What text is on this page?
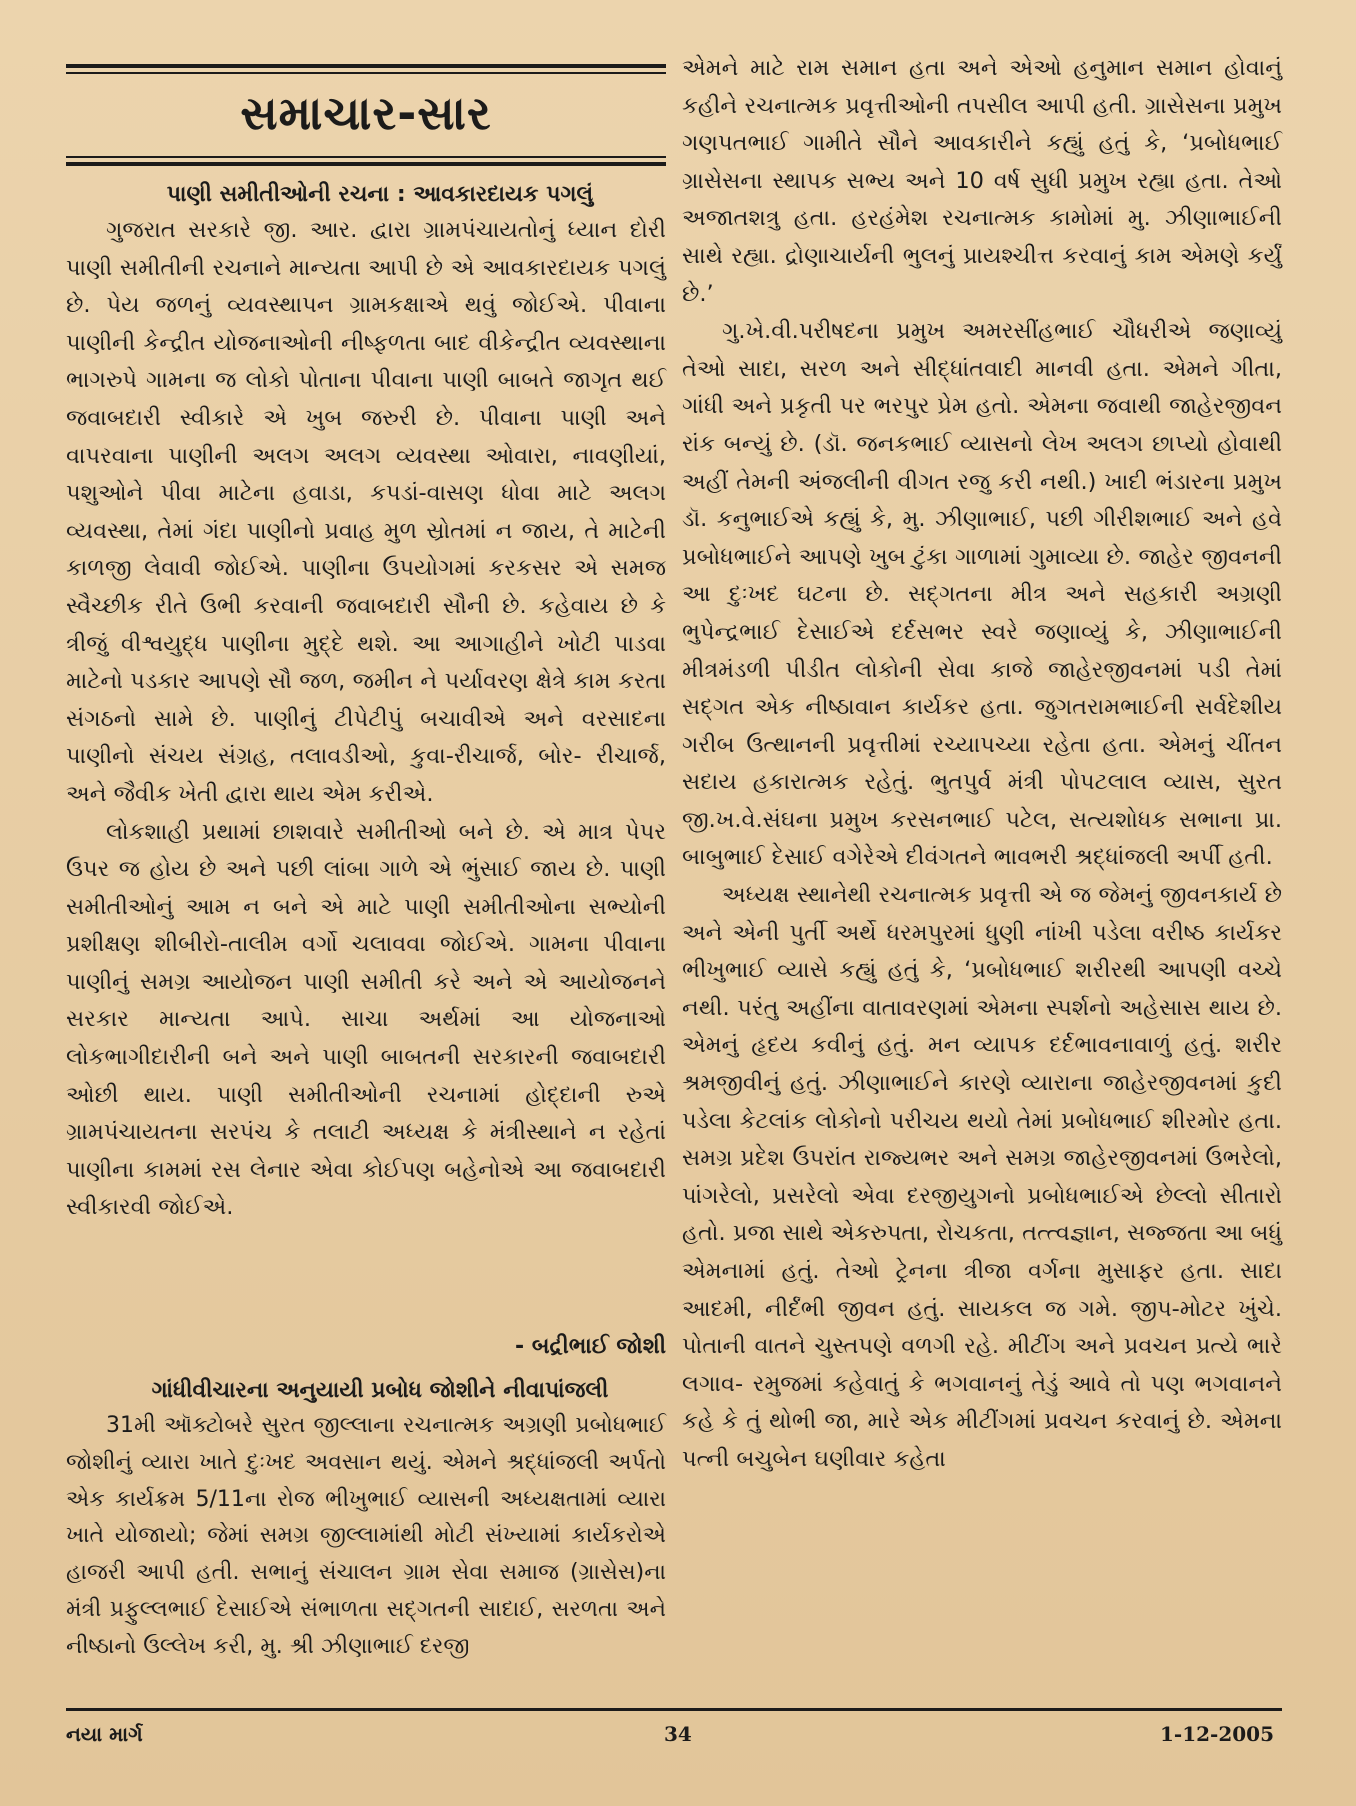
સમાચાર-સાર
પાણી સમીતીઓની રચના : આવકારદાયક પગલું

ગુજરાત સરકારે જી. આર. દ્વારા ગ્રામપંચાયતોનું ધ્યાન દોરી પાણી સમીતીની રચનાને માન્યતા આપી છે એ આવકારદાયક પગલું છે. પેય જળનું વ્યવસ્થાપન ગ્રામકક્ષાએ થવું જોઈએ. પીવાના પાણીની કેન્દ્રીત યોજનાઓની નીષ્ફળતા બાદ વીકેન્દ્રીત વ્યવસ્થાના ભાગરુપે ગામના જ લોકો પોતાના પીવાના પાણી બાબતે જાગૃત થઈ જવાબદારી સ્વીકારે એ ખુબ જરુરી છે. પીવાના પાણી અને વાપરવાના પાણીની અલગ અલગ વ્યવસ્થા ઓવારા, નાવણીયાં, પશુઓને પીવા માટેના હવાડા, કપડાં-વાસણ ધોવા માટે અલગ વ્યવસ્થા, તેમાં ગંદા પાણીનો પ્રવાહ મુળ સ્રોતમાં ન જાય, તે માટેની કાળજી લેવાવી જોઈએ. પાણીના ઉપયોગમાં કરકસર એ સમજ સ્વૈચ્છીક રીતે ઉભી કરવાની જવાબદારી સૌની છે. કહેવાય છે કે ત્રીજું વીશ્વયુદ્ધ પાણીના મુદ્દે થશે. આ આગાહીને ખોટી પાડવા માટેનો પડકાર આપણે સૌ જળ, જમીન ને પર્યાવરણ ક્ષેત્રે કામ કરતા સંગઠનો સામે છે. પાણીનું ટીપેટીપું બચાવીએ અને વરસાદના પાણીનો સંચય સંગ્રહ, તલાવડીઓ, કુવા-રીચાર્જ, બોર- રીચાર્જ, અને જૈવીક ખેતી દ્વારા થાય એમ કરીએ.

લોકશાહી પ્રથામાં છાશવારે સમીતીઓ બને છે. એ માત્ર પેપર ઉપર જ હોય છે અને પછી લાંબા ગાળે એ ભુંસાઈ જાય છે. પાણી સમીતીઓનું આમ ન બને એ માટે પાણી સમીતીઓના સભ્યોની પ્રશીક્ષણ શીબીરો-તાલીમ વર્ગો ચલાવવા જોઈએ. ગામના પીવાના પાણીનું સમગ્ર આયોજન પાણી સમીતી કરે અને એ આયોજનને સરકાર માન્યતા આપે. સાચા અર્થમાં આ યોજનાઓ લોકભાગીદારીની બને અને પાણી બાબતની સરકારની જવાબદારી ઓછી થાય. પાણી સમીતીઓની રચનામાં હોદ્દાની રુએ ગ્રામપંચાયતના સરપંચ કે તલાટી અધ્યક્ષ કે મંત્રીસ્થાને ન રહેતાં પાણીના કામમાં રસ લેનાર એવા કોઈપણ બહેનોએ આ જવાબદારી સ્વીકારવી જોઈએ.

- બદ્રીભાઈ જોશી
ગાંધીવીચારના અનુયાયી પ્રબોધ જોશીને નીવાપાંજલી

31મી ઑક્ટોબરે સુરત જીલ્લાના રચનાત્મક અગ્રણી પ્રબોધભાઈ જોશીનું વ્યારા ખાતે દુઃખદ અવસાન થયું. એમને શ્રદ્ધાંજલી અર્પતો એક કાર્યક્રમ 5/11ના રોજ ભીખુભાઈ વ્યાસની અધ્યક્ષતામાં વ્યારા ખાતે યોજાયો; જેમાં સમગ્ર જીલ્લામાંથી મોટી સંખ્યામાં કાર્યકરોએ હાજરી આપી હતી. સભાનું સંચાલન ગ્રામ સેવા સમાજ (ગ્રાસેસ)ના મંત્રી પ્રફુલ્લભાઈ દેસાઈએ સંભાળતા સદ્ગતની સાદાઈ, સરળતા અને નીષ્ઠાનો ઉલ્લેખ કરી, મુ. શ્રી ઝીણાભાઈ દરજી

એમને માટે રામ સમાન હતા અને એઓ હનુમાન સમાન હોવાનું કહીને રચનાત્મક પ્રવૃત્તીઓની તપસીલ આપી હતી. ગ્રાસેસના પ્રમુખ ગણપતભાઈ ગામીતે સૌને આવકારીને કહ્યું હતું કે, ‘પ્રબોધભાઈ ગ્રાસેસના સ્થાપક સભ્ય અને 10 વર્ષ સુધી પ્રમુખ રહ્યા હતા. તેઓ અજાતશત્રુ હતા. હરહંમેશ રચનાત્મક કામોમાં મુ. ઝીણાભાઈની સાથે રહ્યા. દ્રોણાચાર્યની ભુલનું પ્રાયશ્ચીત્ત કરવાનું કામ એમણે કર્યું છે.’

ગુ.ખે.વી.પરીષદના પ્રમુખ અમરસીંહભાઈ ચૌધરીએ જણાવ્યું તેઓ સાદા, સરળ અને સીદ્ધાંતવાદી માનવી હતા. એમને ગીતા, ગાંધી અને પ્રકૃતી પર ભરપુર પ્રેમ હતો. એમના જવાથી જાહેરજીવન રાંક બન્યું છે. (ડૉ. જનકભાઈ વ્યાસનો લેખ અલગ છાપ્યો હોવાથી અહીં તેમની અંજલીની વીગત રજુ કરી નથી.) ખાદી ભંડારના પ્રમુખ ડૉ. કનુભાઈએ કહ્યું કે, મુ. ઝીણાભાઈ, પછી ગીરીશભાઈ અને હવે પ્રબોધભાઈને આપણે ખુબ ટુંકા ગાળામાં ગુમાવ્યા છે. જાહેર જીવનની આ દુઃખદ ઘટના છે. સદ્ગતના મીત્ર અને સહકારી અગ્રણી ભુપેન્દ્રભાઈ દેસાઈએ દર્દસભર સ્વરે જણાવ્યું કે, ઝીણાભાઈની મીત્રમંડળી પીડીત લોકોની સેવા કાજે જાહેરજીવનમાં પડી તેમાં સદ્ગત એક નીષ્ઠાવાન કાર્યકર હતા. જુગતરામભાઈની સર્વદેશીય ગરીબ ઉત્થાનની પ્રવૃત્તીમાં રચ્યાપચ્યા રહેતા હતા. એમનું ચીંતન સદાય હકારાત્મક રહેતું. ભુતપુર્વ મંત્રી પોપટલાલ વ્યાસ, સુરત જી.ખ.વે.સંઘના પ્રમુખ કરસનભાઈ પટેલ, સત્યશોધક સભાના પ્રા. બાબુભાઈ દેસાઈ વગેરેએ દીવંગતને ભાવભરી શ્રદ્ધાંજલી અર્પી હતી.

અધ્યક્ષ સ્થાનેથી રચનાત્મક પ્રવૃત્તી એ જ જેમનું જીવનકાર્ય છે અને એની પુર્તી અર્થે ધરમપુરમાં ધુણી નાંખી પડેલા વરીષ્ઠ કાર્યકર ભીખુભાઈ વ્યાસે કહ્યું હતું કે, ‘પ્રબોધભાઈ શરીરથી આપણી વચ્ચે નથી. પરંતુ અહીંના વાતાવરણમાં એમના સ્પર્શનો અહેસાસ થાય છે. એમનું હૃદય કવીનું હતું. મન વ્યાપક દર્દભાવનાવાળું હતું. શરીર શ્રમજીવીનું હતું. ઝીણાભાઈને કારણે વ્યારાના જાહેરજીવનમાં કુદી પડેલા કેટલાંક લોકોનો પરીચય થયો તેમાં પ્રબોધભાઈ શીરમોર હતા. સમગ્ર પ્રદેશ ઉપરાંત રાજ્યભર અને સમગ્ર જાહેરજીવનમાં ઉભરેલો, પાંગરેલો, પ્રસરેલો એવા દરજીયુગનો પ્રબોધભાઈએ છેલ્લો સીતારો હતો. પ્રજા સાથે એકરુપતા, રોચકતા, તત્ત્વજ્ઞાન, સજ્જતા આ બધું એમનામાં હતું. તેઓ ટ્રેનના ત્રીજા વર્ગના મુસાફર હતા. સાદા આદમી, નીર્દંભી જીવન હતું. સાયકલ જ ગમે. જીપ-મોટર ખુંચે. પોતાની વાતને ચુસ્તપણે વળગી રહે. મીટીંગ અને પ્રવચન પ્રત્યે ભારે લગાવ- રમુજમાં કહેવાતું કે ભગવાનનું તેડું આવે તો પણ ભગવાનને કહે કે તું થોભી જા, મારે એક મીટીંગમાં પ્રવચન કરવાનું છે. એમના પત્ની બચુબેન ઘણીવાર કહેતા

નયા માર્ગ	34	1-12-2005
